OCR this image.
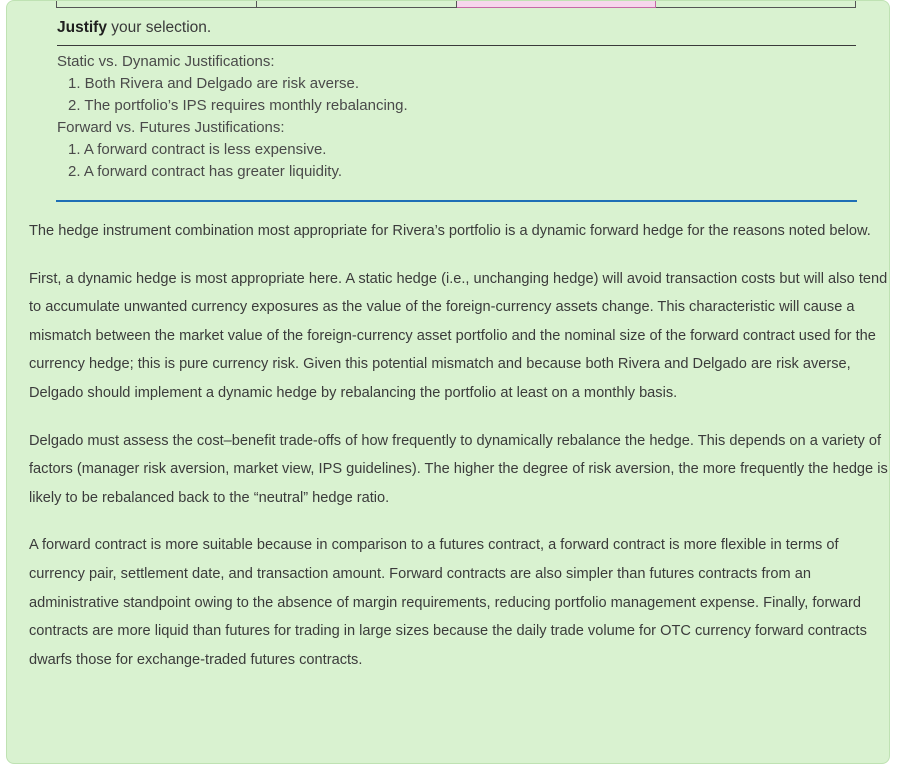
Justify your selection.
Static vs. Dynamic Justifications:
1. Both Rivera and Delgado are risk averse.
2. The portfolio’s IPS requires monthly rebalancing.
Forward vs. Futures Justifications:
1. A forward contract is less expensive.
2. A forward contract has greater liquidity.

The hedge instrument combination most appropriate for Rivera’s portfolio is a dynamic forward hedge for the reasons noted below.

First, a dynamic hedge is most appropriate here. A static hedge (i.e., unchanging hedge) will avoid transaction costs but will also tend to accumulate unwanted currency exposures as the value of the foreign-currency assets change. This characteristic will cause a mismatch between the market value of the foreign-currency asset portfolio and the nominal size of the forward contract used for the currency hedge; this is pure currency risk. Given this potential mismatch and because both Rivera and Delgado are risk averse, Delgado should implement a dynamic hedge by rebalancing the portfolio at least on a monthly basis.

Delgado must assess the cost–benefit trade-offs of how frequently to dynamically rebalance the hedge. This depends on a variety of factors (manager risk aversion, market view, IPS guidelines). The higher the degree of risk aversion, the more frequently the hedge is likely to be rebalanced back to the “neutral” hedge ratio.

A forward contract is more suitable because in comparison to a futures contract, a forward contract is more flexible in terms of currency pair, settlement date, and transaction amount. Forward contracts are also simpler than futures contracts from an administrative standpoint owing to the absence of margin requirements, reducing portfolio management expense. Finally, forward contracts are more liquid than futures for trading in large sizes because the daily trade volume for OTC currency forward contracts dwarfs those for exchange-traded futures contracts.
